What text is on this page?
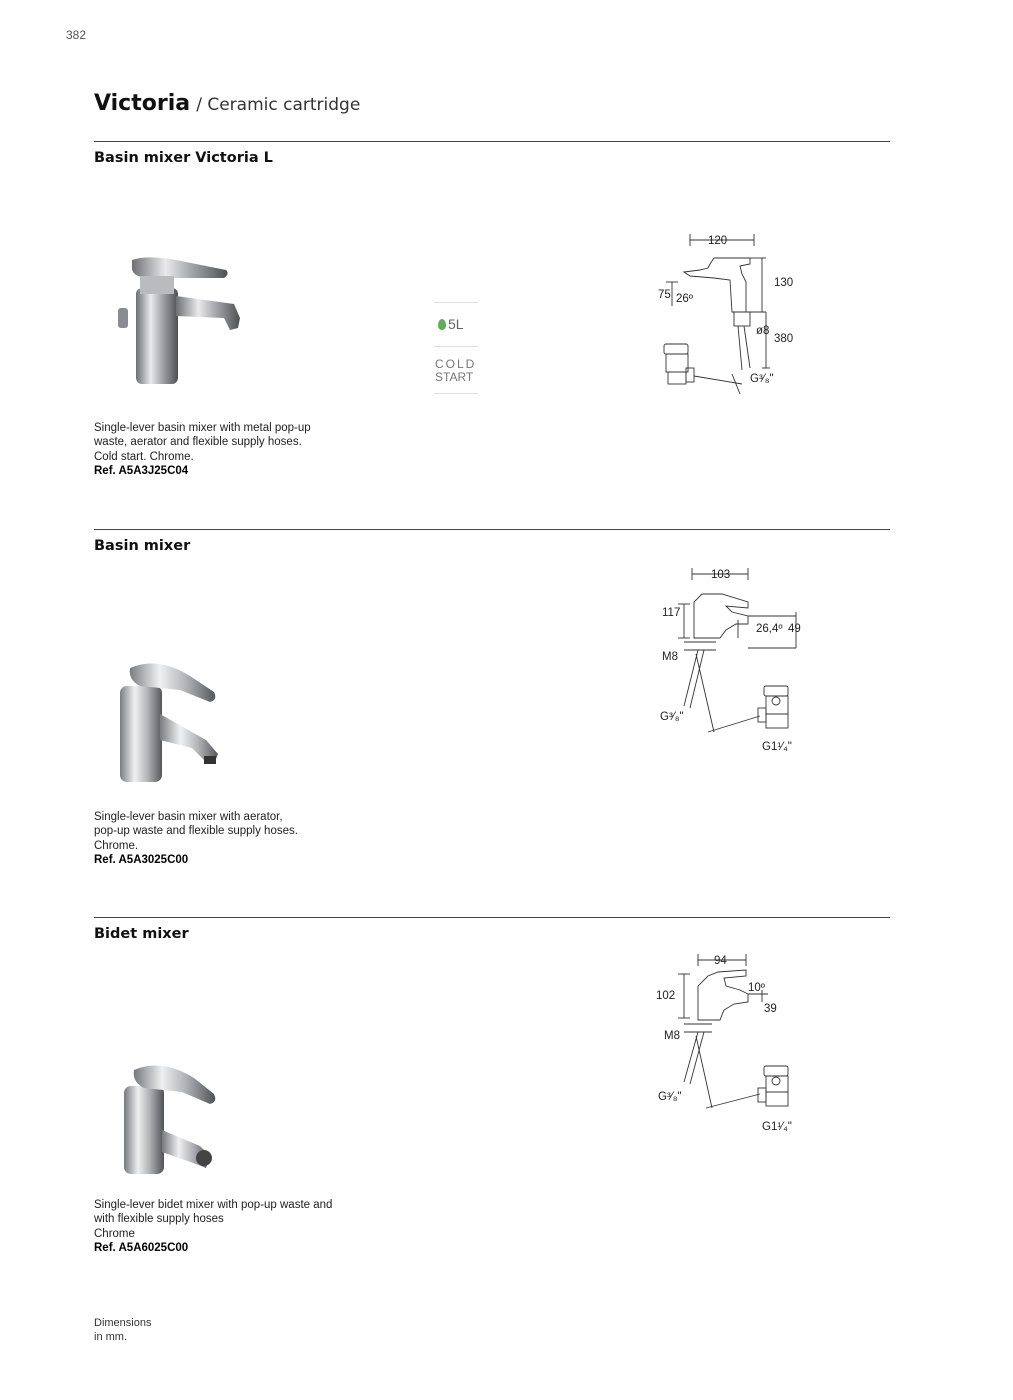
382
Victoria / Ceramic cartridge
Basin mixer Victoria L
5L
COLD
START
120
130
75 26º
ø8
380
G³⁄₈"
Single-lever basin mixer with metal pop-up
waste, aerator and flexible supply hoses.
Cold start. Chrome.
Ref. A5A3J25C04
Basin mixer
103
117
26,4º 49
M8
G³⁄₈"
G1¹⁄₄"
Single-lever basin mixer with aerator,
pop-up waste and flexible supply hoses.
Chrome.
Ref. A5A3025C00
Bidet mixer
94
102
10º
39
M8
G³⁄₈"
G1¹⁄₄"
Single-lever bidet mixer with pop-up waste and
with flexible supply hoses
Chrome
Ref. A5A6025C00
Dimensions
in mm.
